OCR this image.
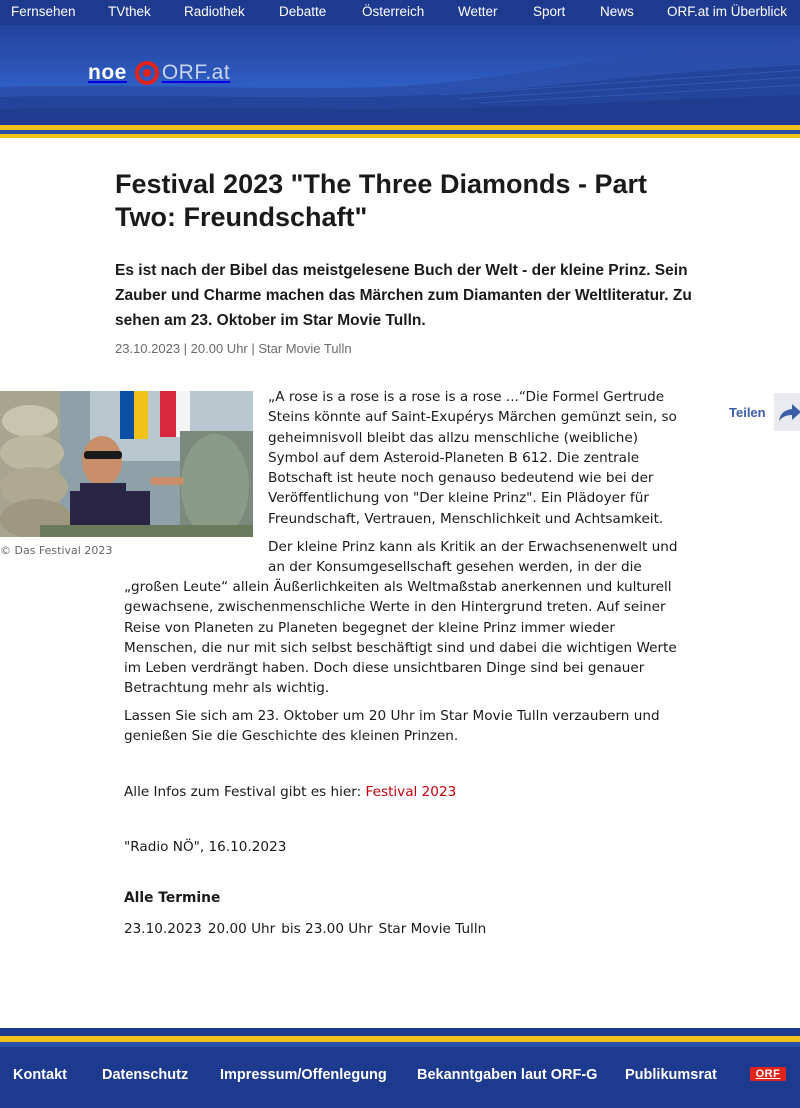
Fernsehen TVthek Radiothek	Debatte	Österreich Wetter	Sport	News ORF.at im Überblick
noe ORF.at
Festival 2023 "The Three Diamonds - Part Two: Freundschaft"

Es ist nach der Bibel das meistgelesene Buch der Welt - der kleine Prinz. Sein Zauber und Charme machen das Märchen zum Diamanten der Weltliteratur. Zu sehen am 23. Oktober im Star Movie Tulln.

23.10.2023 | 20.00 Uhr | Star Movie Tulln
© Das Festival 2023
Teilen

„A rose is a rose is a rose is a rose ...“Die Formel Gertrude Steins könnte auf Saint-Exupérys Märchen gemünzt sein, so geheimnisvoll bleibt das allzu menschliche (weibliche) Symbol auf dem Asteroid-Planeten B 612. Die zentrale Botschaft ist heute noch genauso bedeutend wie bei der Veröffentlichung von "Der kleine Prinz". Ein Plädoyer für Freundschaft, Vertrauen, Menschlichkeit und Achtsamkeit.

Der kleine Prinz kann als Kritik an der Erwachsenenwelt und an der Konsumgesellschaft gesehen werden, in der die

„großen Leute“ allein Äußerlichkeiten als Weltmaßstab anerkennen und kulturell gewachsene, zwischenmenschliche Werte in den Hintergrund treten. Auf seiner Reise von Planeten zu Planeten begegnet der kleine Prinz immer wieder Menschen, die nur mit sich selbst beschäftigt sind und dabei die wichtigen Werte im Leben verdrängt haben. Doch diese unsichtbaren Dinge sind bei genauer Betrachtung mehr als wichtig.

Lassen Sie sich am 23. Oktober um 20 Uhr im Star Movie Tulln verzaubern und genießen Sie die Geschichte des kleinen Prinzen.

Alle Infos zum Festival gibt es hier: Festival 2023

"Radio NÖ", 16.10.2023

Alle Termine
23.10.2023 20.00 Uhr bis 23.00 Uhr Star Movie Tulln
Kontakt Datenschutz Impressum/Offenlegung Bekanntgaben laut ORF-G Publikumsrat	ORF
